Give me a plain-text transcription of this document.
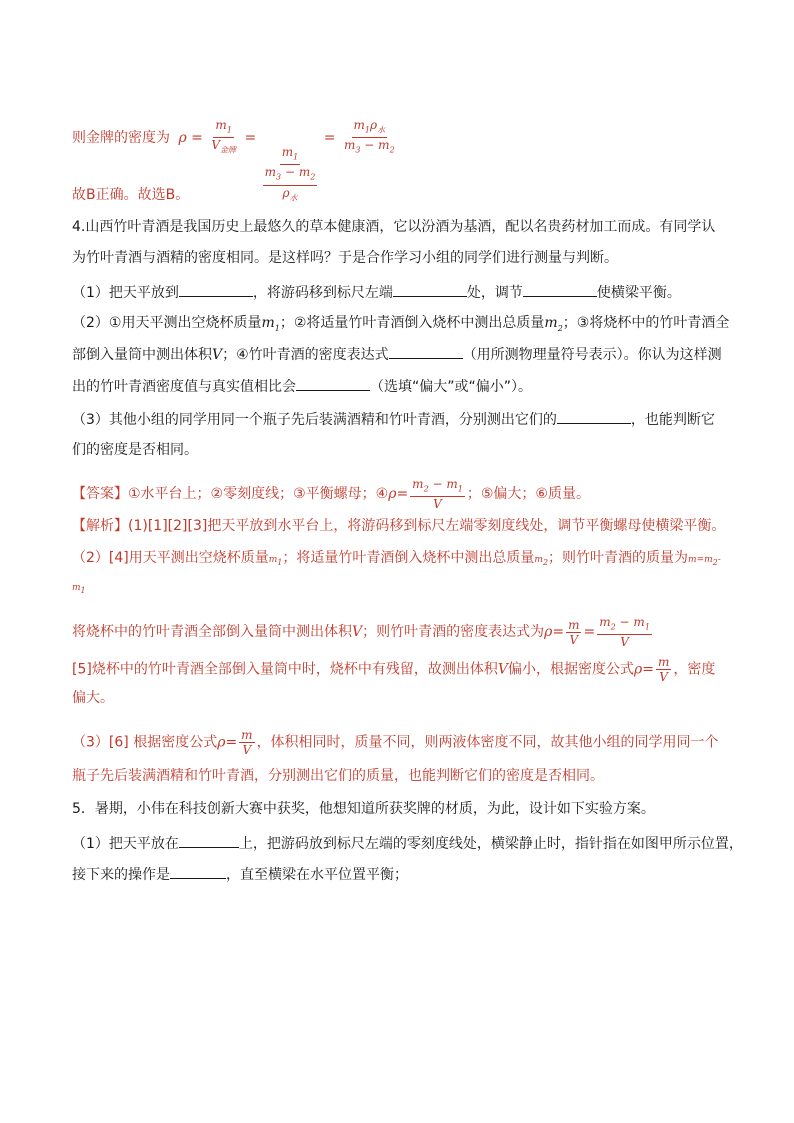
则金牌的密度为 $\rho = \frac{m_1}{V_{金牌}}$ =
$m_1$
$m_3 - m_2$
$\rho_水$
= $\frac{m_1\rho_水}{m_3 - m_2}$
故B正确。故选B。
4.山西竹叶青酒是我国历史上最悠久的草本健康酒，它以汾酒为基酒，配以名贵药材加工而成。有同学认
为竹叶青酒与酒精的密度相同。是这样吗？于是合作学习小组的同学们进行测量与判断。
（1）把天平放到	，将游码移到标尺左端	处，调节	使横梁平衡。
（2）①用天平测出空烧杯质量$m_1$；②将适量竹叶青酒倒入烧杯中测出总质量$m_2$；③将烧杯中的竹叶青酒全
部倒入量筒中测出体积V；④竹叶青酒的密度表达式	（用所测物理量符号表示）。你认为这样测
出的竹叶青酒密度值与真实值相比会	（选填“偏大”或“偏小”）。
（3）其他小组的同学用同一个瓶子先后装满酒精和竹叶青酒，分别测出它们的	，也能判断它
们的密度是否相同。
【答案】①水平台上；②零刻度线；③平衡螺母；④ρ= $\frac{m_2 - m_1}{V}$ ；⑤偏大；⑥质量。
【解析】(1)[1][2][3]把天平放到水平台上，将游码移到标尺左端零刻度线处，调节平衡螺母使横梁平衡。
（2）[4]用天平测出空烧杯质量$m_1$；将适量竹叶青酒倒入烧杯中测出总质量$m_2$；则竹叶青酒的质量为$m=m_2-$
$m_1$
将烧杯中的竹叶青酒全部倒入量筒中测出体积V；则竹叶青酒的密度表达式为$\rho= \frac{m}{V} = \frac{m_2 - m_1}{V}$
[5]烧杯中的竹叶青酒全部倒入量筒中时，烧杯中有残留，故测出体积V偏小，根据密度公式$\rho= \frac{m}{V}$ ，密度
偏大。
（3）[6] 根据密度公式$\rho= \frac{m}{V}$ ，体积相同时，质量不同，则两液体密度不同，故其他小组的同学用同一个
瓶子先后装满酒精和竹叶青酒，分别测出它们的质量，也能判断它们的密度是否相同。
5．暑期，小伟在科技创新大赛中获奖，他想知道所获奖牌的材质，为此，设计如下实验方案。
（1）把天平放在	上，把游码放到标尺左端的零刻度线处，横梁静止时，指针指在如图甲所示位置，
接下来的操作是	，直至横梁在水平位置平衡；
